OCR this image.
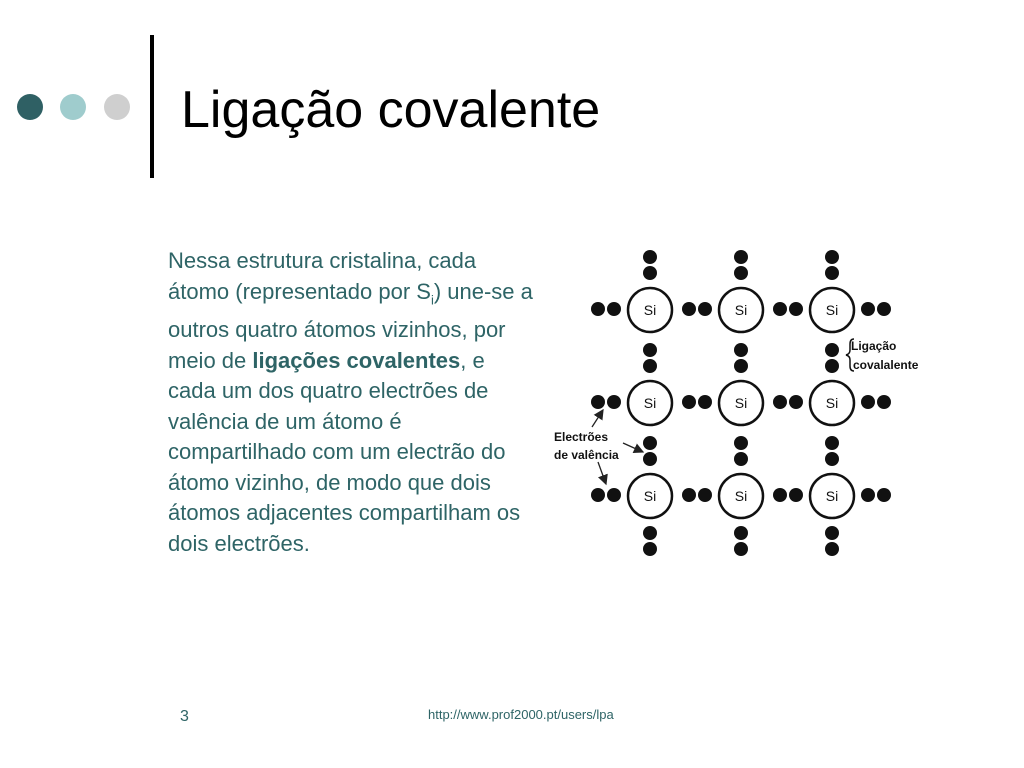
Ligação covalente
Nessa estrutura cristalina, cada átomo (representado por $S_i$) une-se a outros quatro átomos vizinhos, por meio de ligações covalentes, e cada um dos quatro electrões de valência de um átomo é compartilhado com um electrão do átomo vizinho, de modo que dois átomos adjacentes compartilham os dois electrões.
Si	Si	Si
Si	Si	Si
Si	Si	Si
Ligação
covalalente
Electrões
de valência
3	http://www.prof2000.pt/users/lpa
